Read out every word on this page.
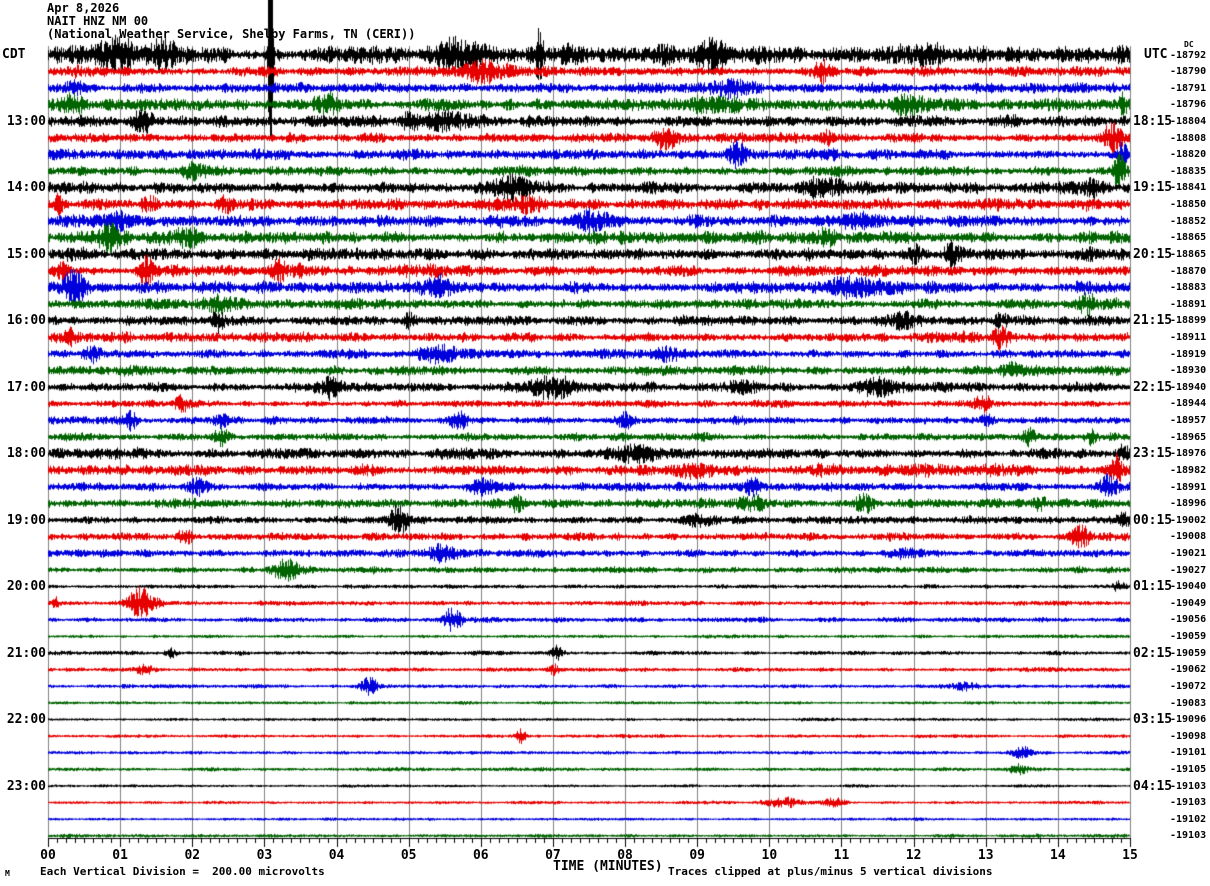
Apr 8,2026
NAIT HNZ NM 00
(National Weather Service, Shelby Farms, TN (CERI))
CDT	UTC
DC
-18792
-18790
-18791
-18796
13:00	18:15
-18804
-18808
-18820
-18835
14:00	19:15
-18841
-18850
-18852
-18865
15:00	20:15
-18865
-18870
-18883
-18891
16:00	21:15
-18899
-18911
-18919
-18930
17:00	22:15
-18940
-18944
-18957
-18965
18:00	23:15
-18976
-18982
-18991
-18996
19:00	00:15
-19002
-19008
-19021
-19027
20:00	01:15
-19040
-19049
-19056
-19059
21:00	02:15
-19059
-19062
-19072
-19083
22:00	03:15
-19096
-19098
-19101
-19105
23:00	04:15
-19103
-19103
-19102
-19103
00	01	02	03	04	05	06	07	08	09	10	11	12	13	14	15
M	Each Vertical Division =  200.00 microvolts	TIME (MINUTES) Traces clipped at plus/minus 5 vertical divisions
